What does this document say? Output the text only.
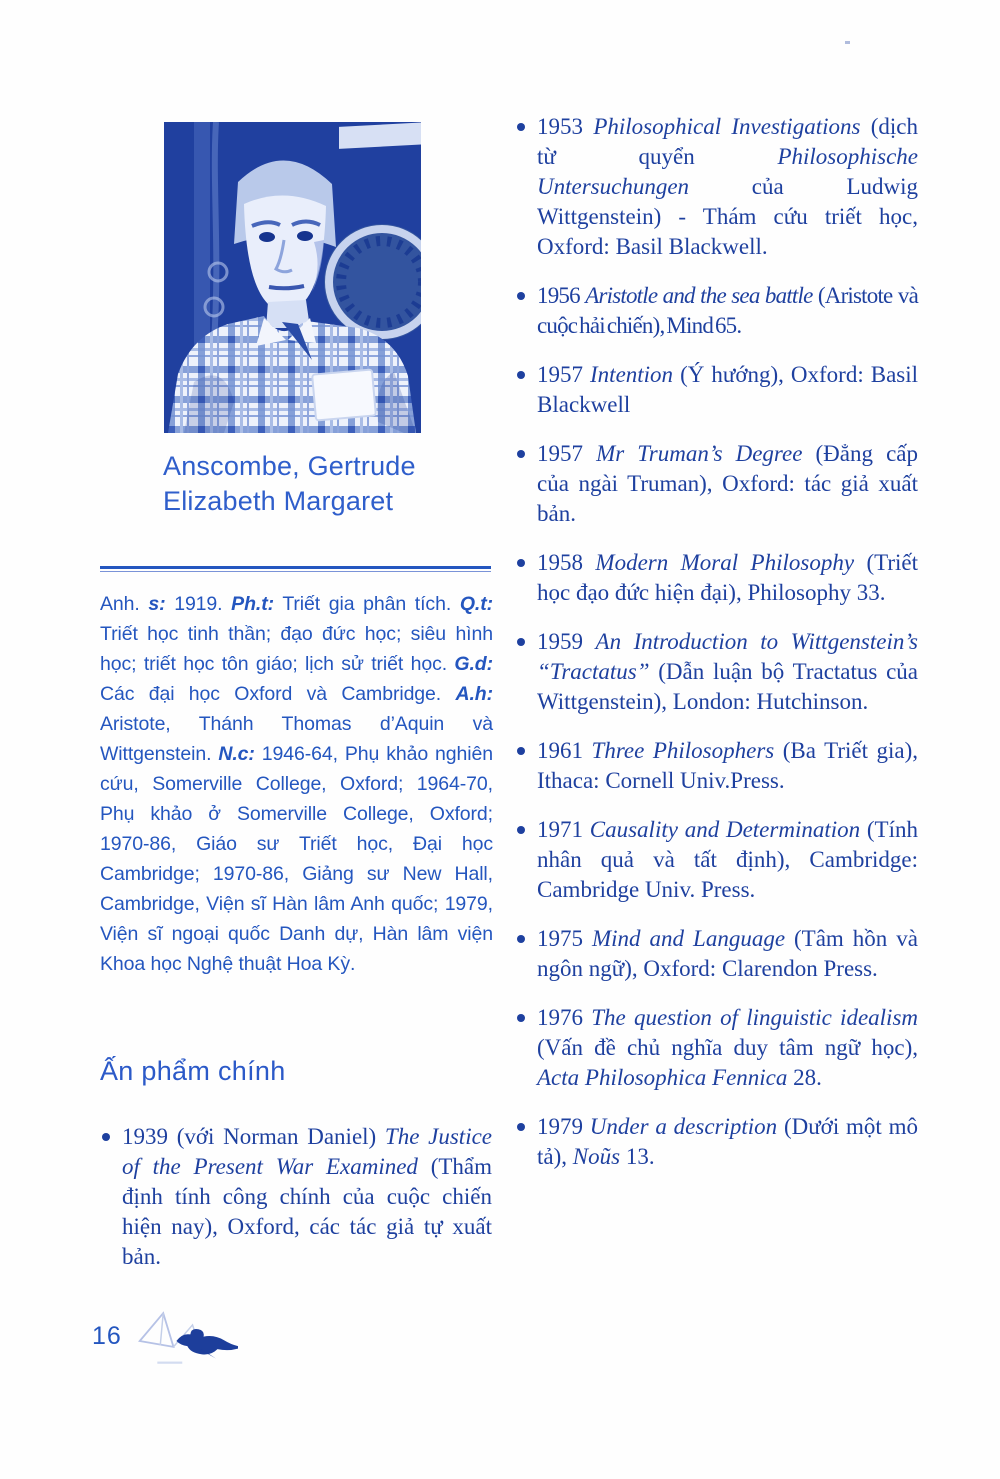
Anscombe, Gertrude
Elizabeth Margaret

Anh. s: 1919. Ph.t: Triết gia phân tích. Q.t: Triết học tinh thần; đạo đức học; siêu hình học; triết học tôn giáo; lịch sử triết học. G.d: Các đại học Oxford và Cambridge. A.h: Aristote, Thánh Thomas d’Aquin và Wittgenstein. N.c: 1946-64, Phụ khảo nghiên cứu, Somerville College, Oxford; 1964-70, Phụ khảo ở Somerville College, Oxford; 1970-86, Giáo sư Triết học, Đại học Cambridge; 1970-86, Giảng sư New Hall, Cambridge, Viện sĩ Hàn lâm Anh quốc; 1979, Viện sĩ ngoại quốc Danh dự, Hàn lâm viện Khoa học Nghệ thuật Hoa Kỳ.

Ấn phẩm chính
1939 (với Norman Daniel) The Justice of the Present War Examined (Thẩm định tính công chính của cuộc chiến hiện nay), Oxford, các tác giả tự xuất bản.
1953 Philosophical Investigations (dịch từ quyển Philosophische Untersuchungen của Ludwig Wittgenstein) - Thám cứu triết học, Oxford: Basil Blackwell.
1956 Aristotle and the sea battle (Aristote và cuộc hải chiến), Mind 65.
1957 Intention (Ý hướng), Oxford: Basil Blackwell
1957 Mr Truman’s Degree (Đẳng cấp của ngài Truman), Oxford: tác giả xuất bản.
1958 Modern Moral Philosophy (Triết học đạo đức hiện đại), Philosophy 33.
1959 An Introduction to Wittgenstein’s “Tractatus” (Dẫn luận bộ Tractatus của Wittgenstein), London: Hutchinson.
1961 Three Philosophers (Ba Triết gia), Ithaca: Cornell Univ.Press.
1971 Causality and Determination (Tính nhân quả và tất định), Cambridge: Cambridge Univ. Press.
1975 Mind and Language (Tâm hồn và ngôn ngữ), Oxford: Clarendon Press.
1976 The question of linguistic idealism (Vấn đề chủ nghĩa duy tâm ngữ học), Acta Philosophica Fennica 28.
1979 Under a description (Dưới một mô tả), Noũs 13.
16
